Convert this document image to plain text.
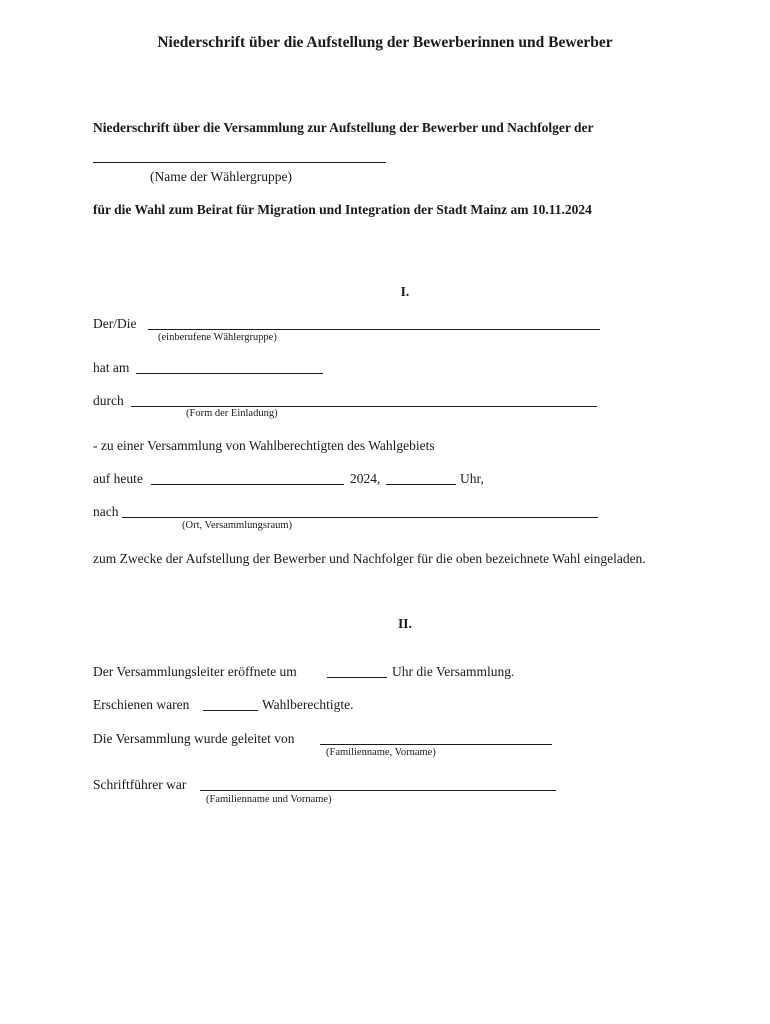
Niederschrift über die Aufstellung der Bewerberinnen und Bewerber
Niederschrift über die Versammlung zur Aufstellung der Bewerber und Nachfolger der
(Name der Wählergruppe)
für die Wahl zum Beirat für Migration und Integration der Stadt Mainz am 10.11.2024
I.
Der/Die
(einberufene Wählergruppe)
hat am
durch
(Form der Einladung)
- zu einer Versammlung von Wahlberechtigten des Wahlgebiets
auf heute	2024,	Uhr,
nach
(Ort, Versammlungsraum)
zum Zwecke der Aufstellung der Bewerber und Nachfolger für die oben bezeichnete Wahl eingeladen.
II.
Der Versammlungsleiter eröffnete um	Uhr die Versammlung.
Erschienen waren	Wahlberechtigte.
Die Versammlung wurde geleitet von
(Familienname, Vorname)
Schriftführer war
(Familienname und Vorname)
